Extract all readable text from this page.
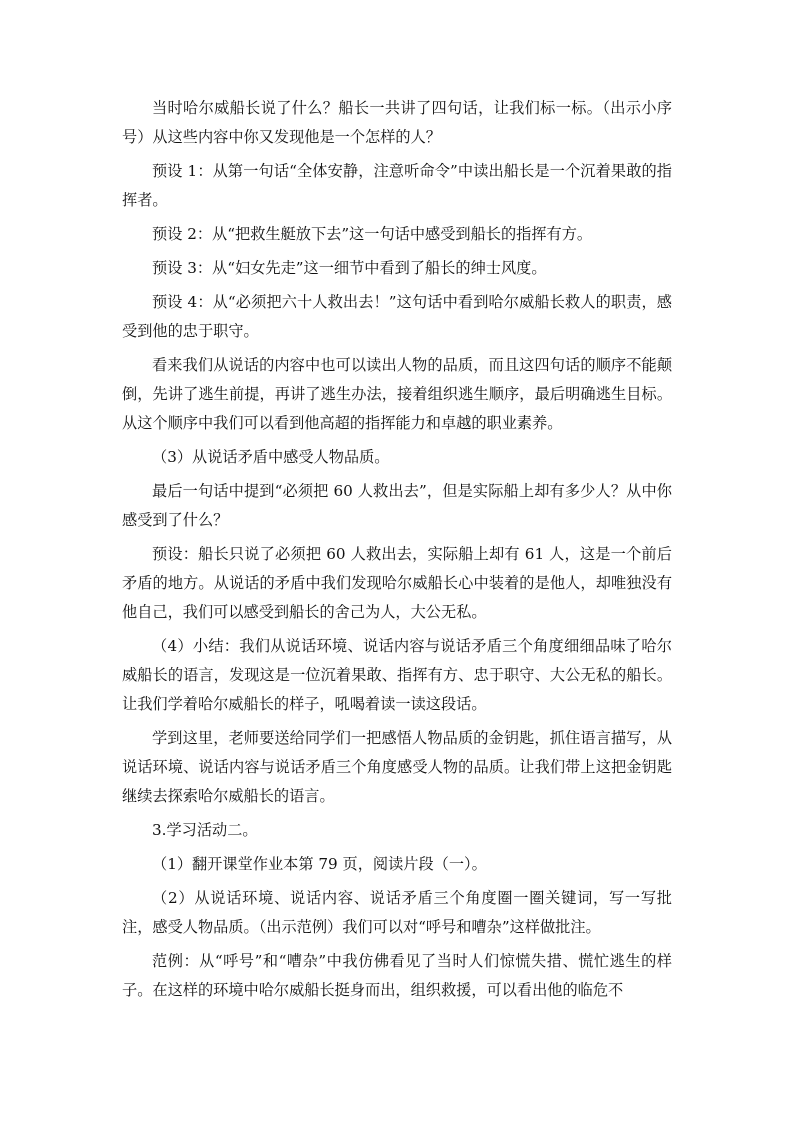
当时哈尔威船长说了什么？船长一共讲了四句话，让我们标一标。（出示小序号）从这些内容中你又发现他是一个怎样的人？

预设 1：从第一句话“全体安静，注意听命令”中读出船长是一个沉着果敢的指挥者。

预设 2：从“把救生艇放下去”这一句话中感受到船长的指挥有方。

预设 3：从“妇女先走”这一细节中看到了船长的绅士风度。

预设 4：从“必须把六十人救出去！”这句话中看到哈尔威船长救人的职责，感受到他的忠于职守。

看来我们从说话的内容中也可以读出人物的品质，而且这四句话的顺序不能颠倒，先讲了逃生前提，再讲了逃生办法，接着组织逃生顺序，最后明确逃生目标。从这个顺序中我们可以看到他高超的指挥能力和卓越的职业素养。

（3）从说话矛盾中感受人物品质。

最后一句话中提到“必须把 60 人救出去”，但是实际船上却有多少人？从中你感受到了什么？

预设：船长只说了必须把 60 人救出去，实际船上却有 61 人，这是一个前后矛盾的地方。从说话的矛盾中我们发现哈尔威船长心中装着的是他人，却唯独没有他自己，我们可以感受到船长的舍己为人，大公无私。

（4）小结：我们从说话环境、说话内容与说话矛盾三个角度细细品味了哈尔威船长的语言，发现这是一位沉着果敢、指挥有方、忠于职守、大公无私的船长。让我们学着哈尔威船长的样子，吼喝着读一读这段话。

学到这里，老师要送给同学们一把感悟人物品质的金钥匙，抓住语言描写，从说话环境、说话内容与说话矛盾三个角度感受人物的品质。让我们带上这把金钥匙继续去探索哈尔威船长的语言。

3.学习活动二。

（1）翻开课堂作业本第 79 页，阅读片段（一）。

（2）从说话环境、说话内容、说话矛盾三个角度圈一圈关键词，写一写批注，感受人物品质。（出示范例）我们可以对“呼号和嘈杂”这样做批注。

范例：从“呼号”和“嘈杂”中我仿佛看见了当时人们惊慌失措、慌忙逃生的样子。在这样的环境中哈尔威船长挺身而出，组织救援，可以看出他的临危不
